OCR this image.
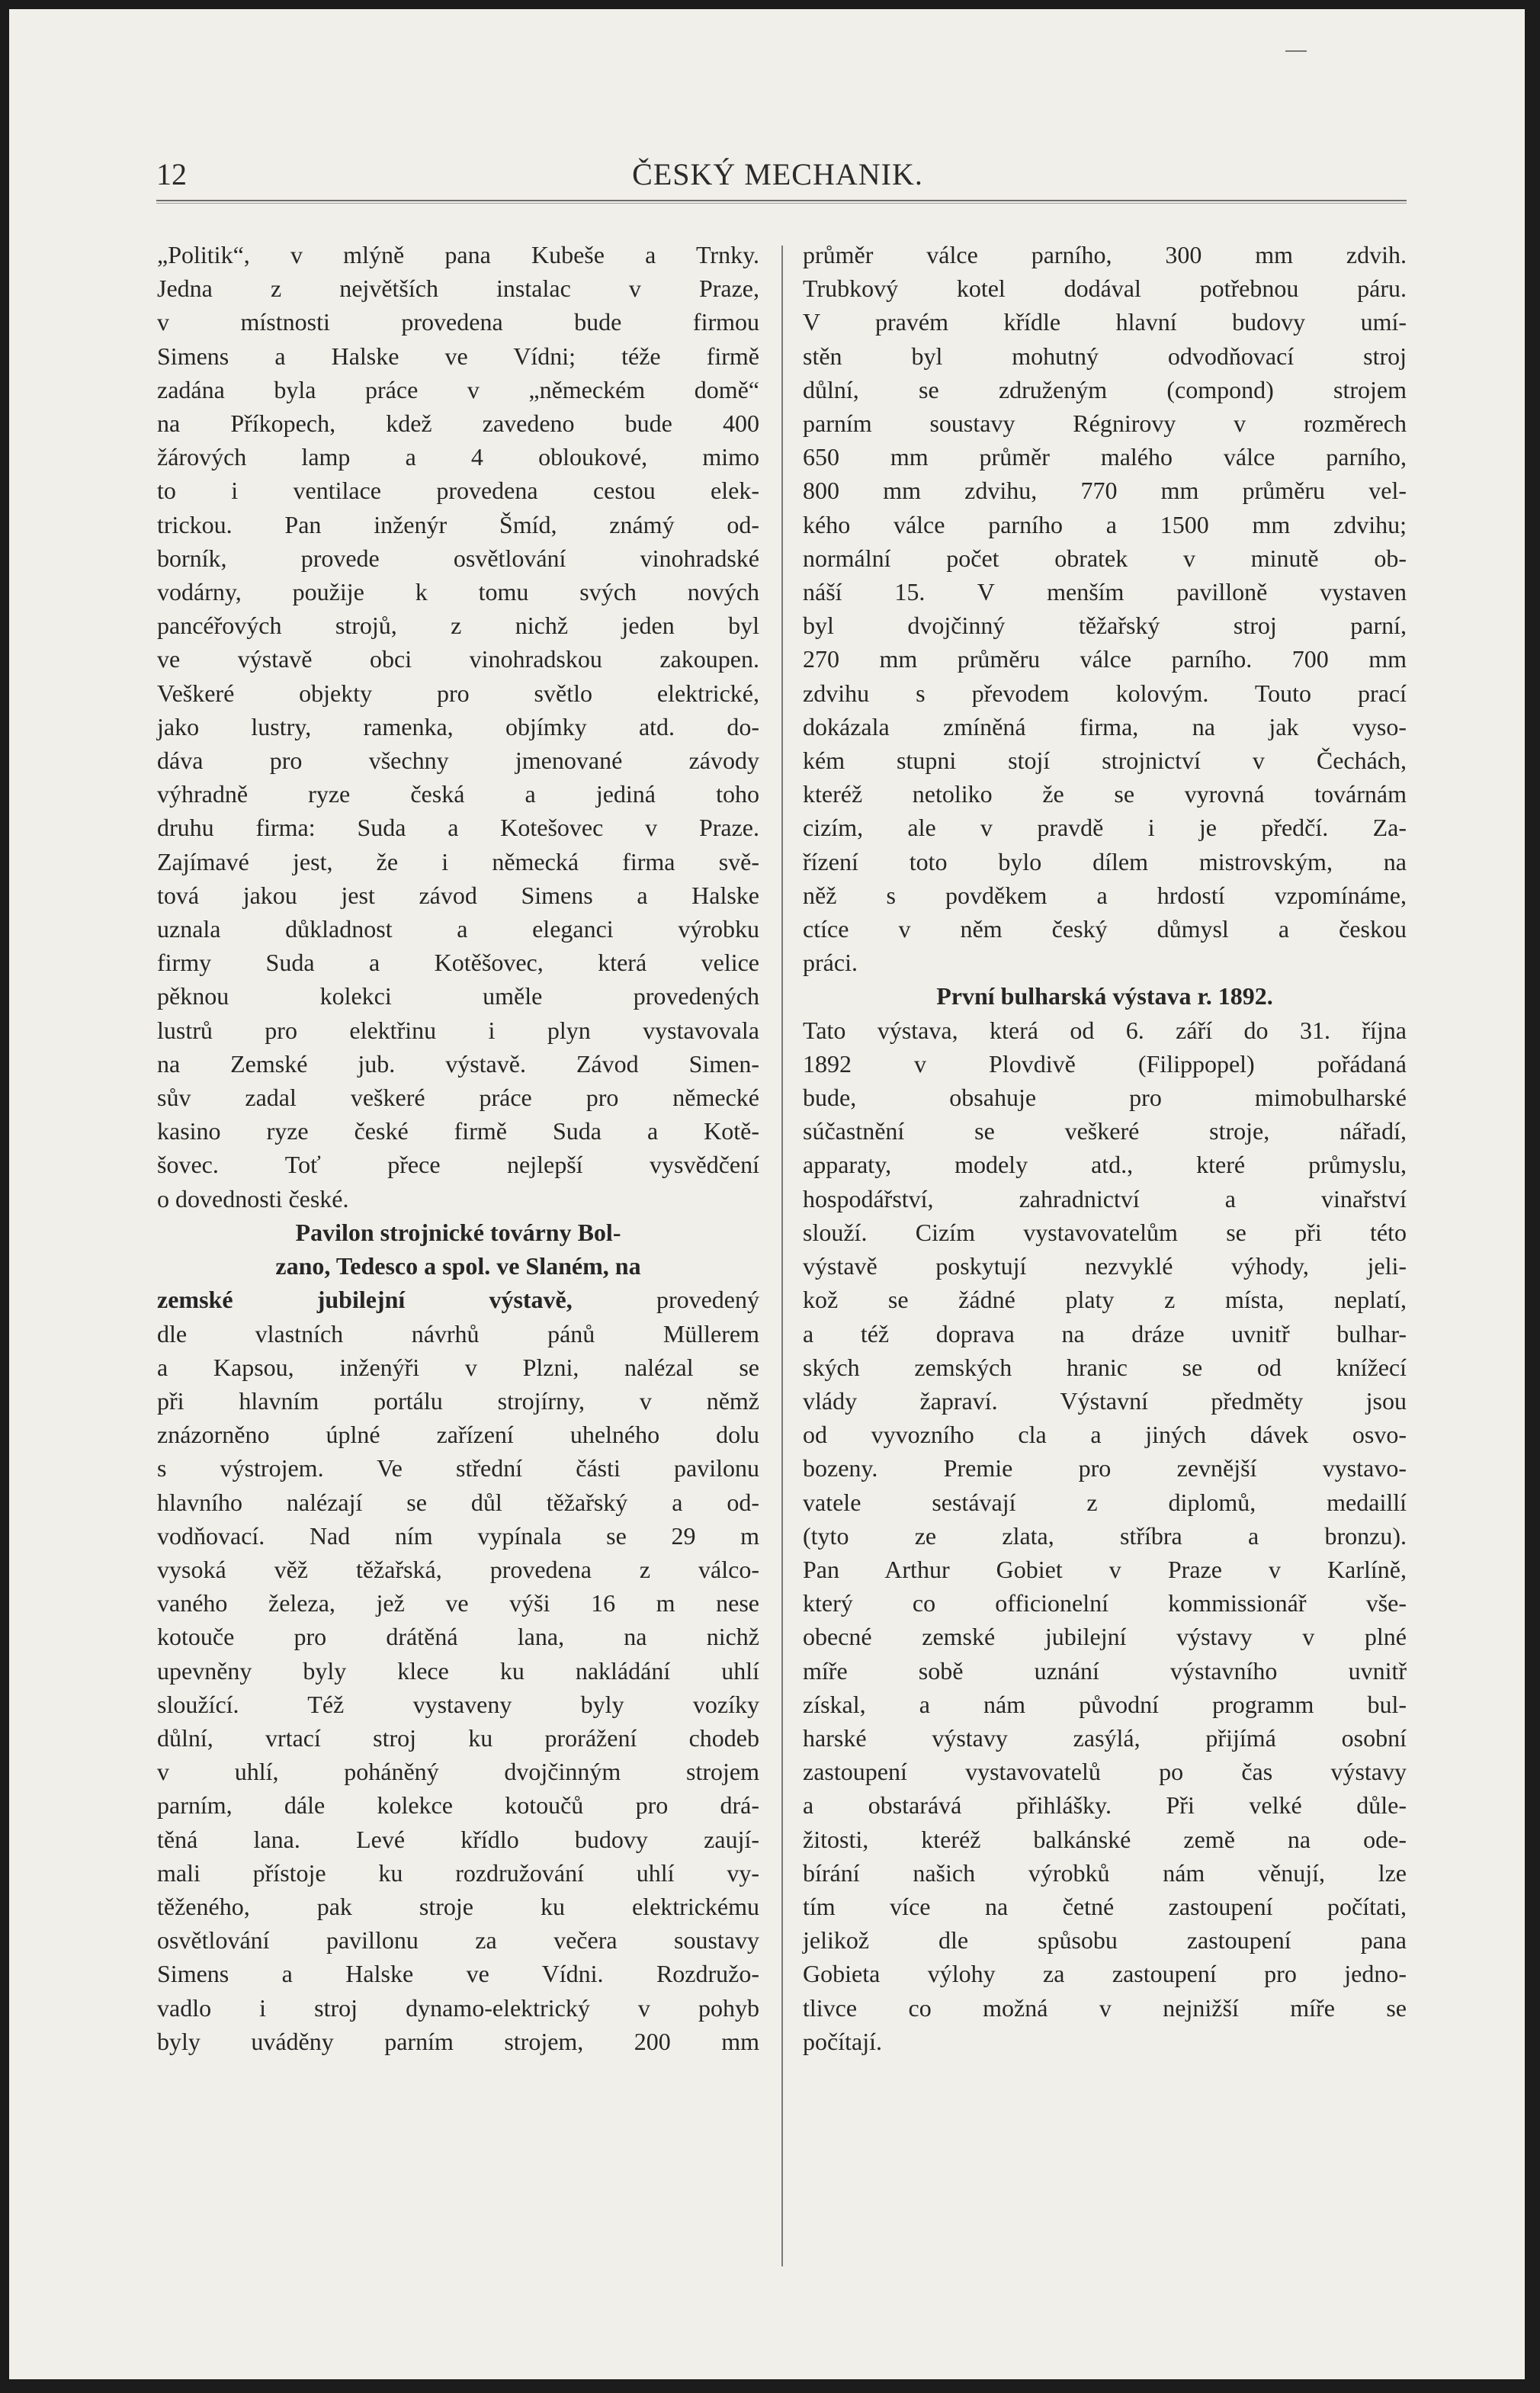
12	ČESKÝ MECHANIK.

„Politik“, v mlýně pana Kubeše a Trnky.
Jedna z největších instalac v Praze,
v místnosti provedena bude firmou
Simens a Halske ve Vídni; téže firmě
zadána byla práce v „německém domě“
na Příkopech, kdež zavedeno bude 400
žárových lamp a 4 obloukové, mimo
to i ventilace provedena cestou elek-
trickou. Pan inženýr Šmíd, známý od-
borník, provede osvětlování vinohradské
vodárny, použije k tomu svých nových
pancéřových strojů, z nichž jeden byl
ve výstavě obci vinohradskou zakoupen.
Veškeré objekty pro světlo elektrické,
jako lustry, ramenka, objímky atd. do-
dáva pro všechny jmenované závody
výhradně ryze česká a jediná toho
druhu firma: Suda a Kotešovec v Praze.
Zajímavé jest, že i německá firma svě-
tová jakou jest závod Simens a Halske
uznala důkladnost a eleganci výrobku
firmy Suda a Kotěšovec, která velice
pěknou kolekci uměle provedených
lustrů pro elektřinu i plyn vystavovala
na Zemské jub. výstavě. Závod Simen-
sův zadal veškeré práce pro německé
kasino ryze české firmě Suda a Kotě-
šovec. Toť přece nejlepší vysvědčení
o dovednosti české.

Pavilon strojnické továrny Bol-
zano, Tedesco a spol. ve Slaném, na
zemské jubilejní výstavě, provedený

dle vlastních návrhů pánů Müllerem
a Kapsou, inženýři v Plzni, nalézal se
při hlavním portálu strojírny, v němž
znázorněno úplné zařízení uhelného dolu
s výstrojem. Ve střední části pavilonu
hlavního nalézají se důl těžařský a od-
vodňovací. Nad ním vypínala se 29 m
vysoká věž těžařská, provedena z válco-
vaného železa, jež ve výši 16 m nese
kotouče pro drátěná lana, na nichž
upevněny byly klece ku nakládání uhlí
sloužící. Též vystaveny byly vozíky
důlní, vrtací stroj ku prorážení chodeb
v uhlí, poháněný dvojčinným strojem
parním, dále kolekce kotoučů pro drá-
těná lana. Levé křídlo budovy zaují-
mali přístoje ku rozdružování uhlí vy-
těženého, pak stroje ku elektrickému
osvětlování pavillonu za večera soustavy
Simens a Halske ve Vídni. Rozdružo-
vadlo i stroj dynamo-elektrický v pohyb
byly uváděny parním strojem, 200 mm

průměr válce parního, 300 mm zdvih.
Trubkový kotel dodával potřebnou páru.
V pravém křídle hlavní budovy umí-
stěn byl mohutný odvodňovací stroj
důlní, se združeným (compond) strojem
parním soustavy Régnirovy v rozměrech
650 mm průměr malého válce parního,
800 mm zdvihu, 770 mm průměru vel-
kého válce parního a 1500 mm zdvihu;
normální počet obratek v minutě ob-
náší 15. V menším pavilloně vystaven
byl dvojčinný těžařský stroj parní,
270 mm průměru válce parního. 700 mm
zdvihu s převodem kolovým. Touto prací
dokázala zmíněná firma, na jak vyso-
kém stupni stojí strojnictví v Čechách,
kteréž netoliko že se vyrovná továrnám
cizím, ale v pravdě i je předčí. Za-
řízení toto bylo dílem mistrovským, na
něž s povděkem a hrdostí vzpomínáme,
ctíce v něm český důmysl a českou
práci.

První bulharská výstava r. 1892.

Tato výstava, která od 6. září do 31. října
1892 v Plovdivě (Filippopel) pořádaná
bude, obsahuje pro mimobulharské
súčastnění se veškeré stroje, nářadí,
apparaty, modely atd., které průmyslu,
hospodářství, zahradnictví a vinařství
slouží. Cizím vystavovatelům se při této
výstavě poskytují nezvyklé výhody, jeli-
kož se žádné platy z místa, neplatí,
a též doprava na dráze uvnitř bulhar-
ských zemských hranic se od knížecí
vlády žapraví. Výstavní předměty jsou
od vyvozního cla a jiných dávek osvo-
bozeny. Premie pro zevnější vystavo-
vatele sestávají z diplomů, medaillí
(tyto ze zlata, stříbra a bronzu).
Pan Arthur Gobiet v Praze v Karlíně,
který co officionelní kommissionář vše-
obecné zemské jubilejní výstavy v plné
míře sobě uznání výstavního uvnitř
získal, a nám původní programm bul-
harské výstavy zasýlá, přijímá osobní
zastoupení vystavovatelů po čas výstavy
a obstarává přihlášky. Při velké důle-
žitosti, kteréž balkánské země na ode-
bírání našich výrobků nám věnují, lze
tím více na četné zastoupení počítati,
jelikož dle spůsobu zastoupení pana
Gobieta výlohy za zastoupení pro jedno-
tlivce co možná v nejnižší míře se
počítají.
